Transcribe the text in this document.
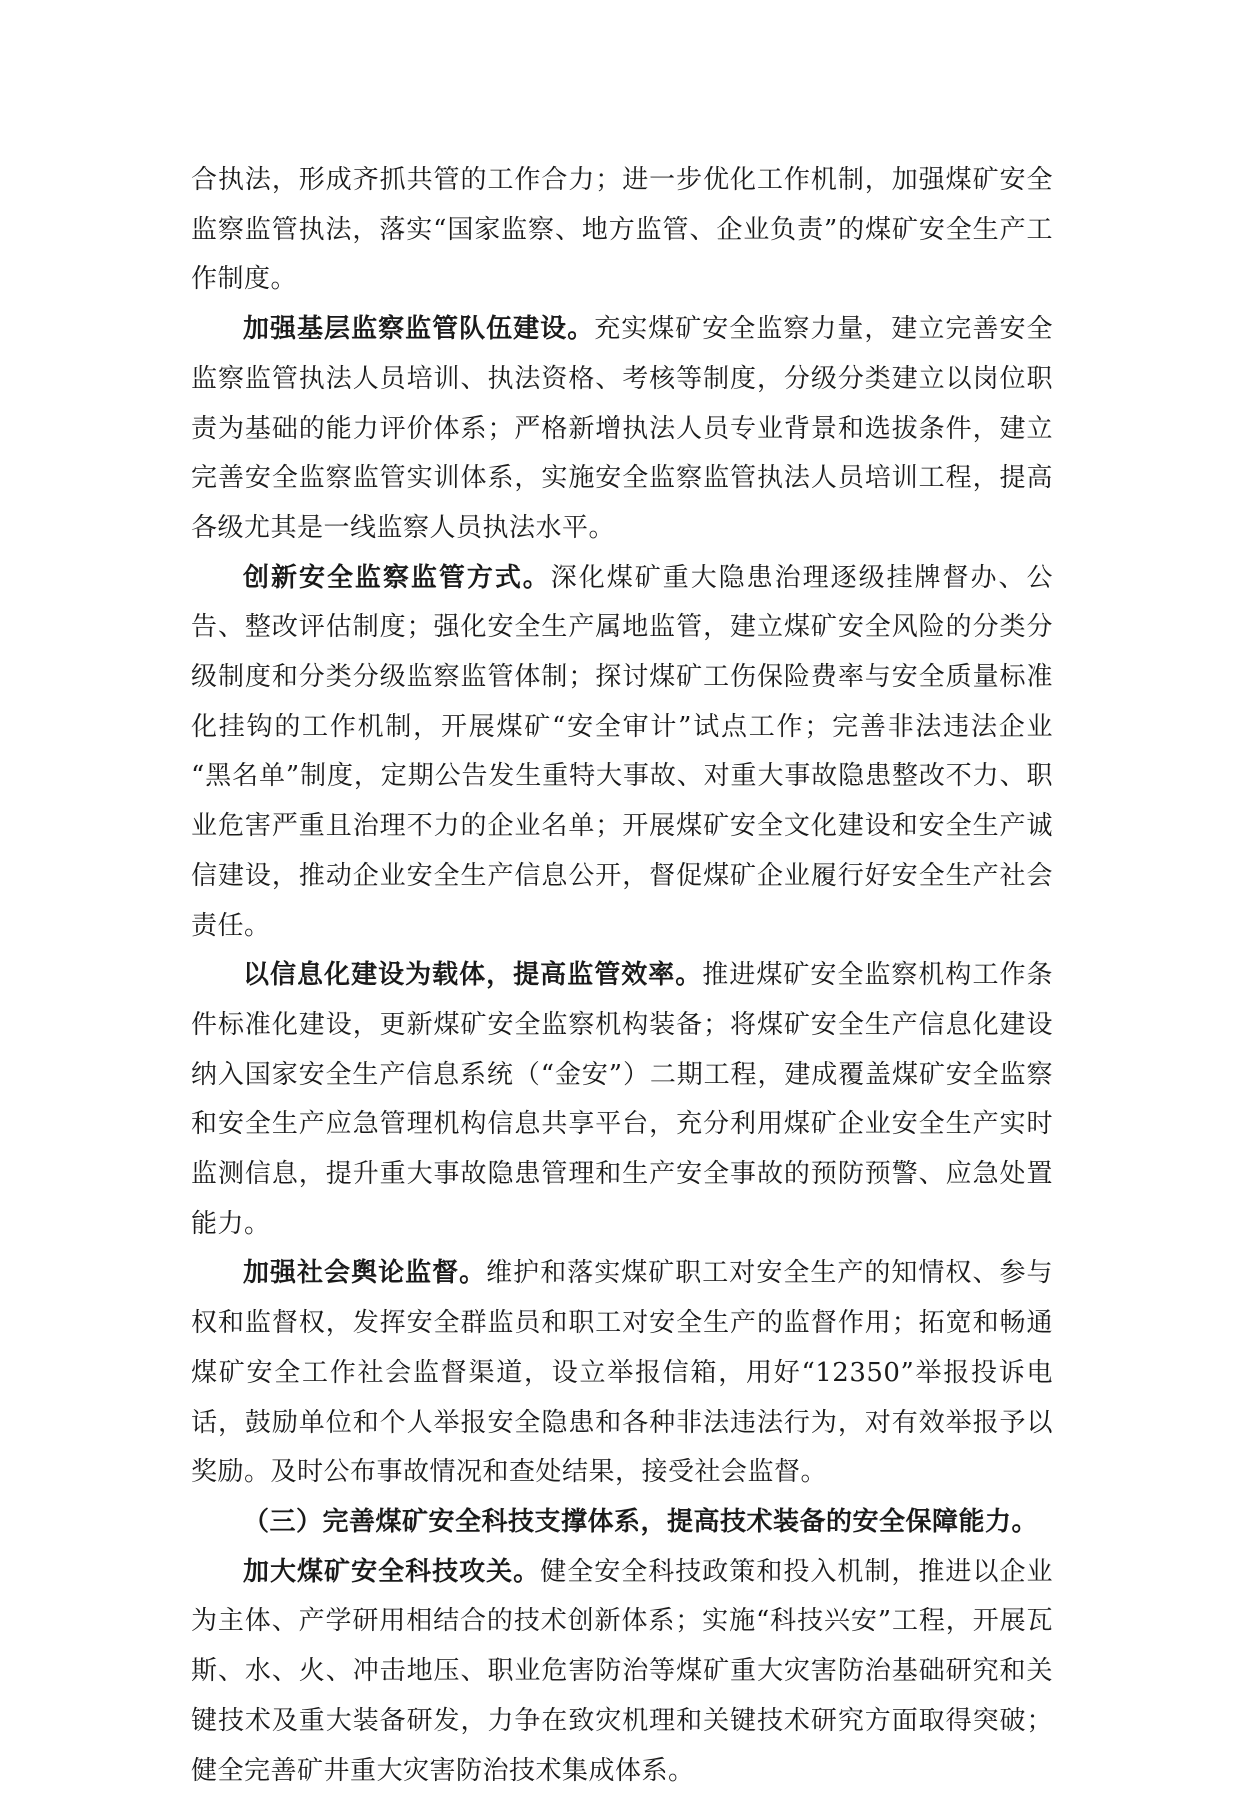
合执法，形成齐抓共管的工作合力；进一步优化工作机制，加强煤矿安全监察监管执法，落实“国家监察、地方监管、企业负责”的煤矿安全生产工作制度。

加强基层监察监管队伍建设。充实煤矿安全监察力量，建立完善安全监察监管执法人员培训、执法资格、考核等制度，分级分类建立以岗位职责为基础的能力评价体系；严格新增执法人员专业背景和选拔条件，建立完善安全监察监管实训体系，实施安全监察监管执法人员培训工程，提高各级尤其是一线监察人员执法水平。

创新安全监察监管方式。深化煤矿重大隐患治理逐级挂牌督办、公告、整改评估制度；强化安全生产属地监管，建立煤矿安全风险的分类分级制度和分类分级监察监管体制；探讨煤矿工伤保险费率与安全质量标准化挂钩的工作机制，开展煤矿“安全审计”试点工作；完善非法违法企业 “黑名单”制度，定期公告发生重特大事故、对重大事故隐患整改不力、职业危害严重且治理不力的企业名单；开展煤矿安全文化建设和安全生产诚信建设，推动企业安全生产信息公开，督促煤矿企业履行好安全生产社会责任。

以信息化建设为载体，提高监管效率。推进煤矿安全监察机构工作条件标准化建设，更新煤矿安全监察机构装备；将煤矿安全生产信息化建设纳入国家安全生产信息系统（“金安”）二期工程，建成覆盖煤矿安全监察和安全生产应急管理机构信息共享平台，充分利用煤矿企业安全生产实时监测信息，提升重大事故隐患管理和生产安全事故的预防预警、应急处置能力。

加强社会舆论监督。维护和落实煤矿职工对安全生产的知情权、参与权和监督权，发挥安全群监员和职工对安全生产的监督作用；拓宽和畅通煤矿安全工作社会监督渠道，设立举报信箱，用好“12350”举报投诉电话，鼓励单位和个人举报安全隐患和各种非法违法行为，对有效举报予以奖励。及时公布事故情况和查处结果，接受社会监督。

（三）完善煤矿安全科技支撑体系，提高技术装备的安全保障能力。

加大煤矿安全科技攻关。健全安全科技政策和投入机制，推进以企业为主体、产学研用相结合的技术创新体系；实施“科技兴安”工程，开展瓦斯、水、火、冲击地压、职业危害防治等煤矿重大灾害防治基础研究和关键技术及重大装备研发，力争在致灾机理和关键技术研究方面取得突破；健全完善矿井重大灾害防治技术集成体系。
